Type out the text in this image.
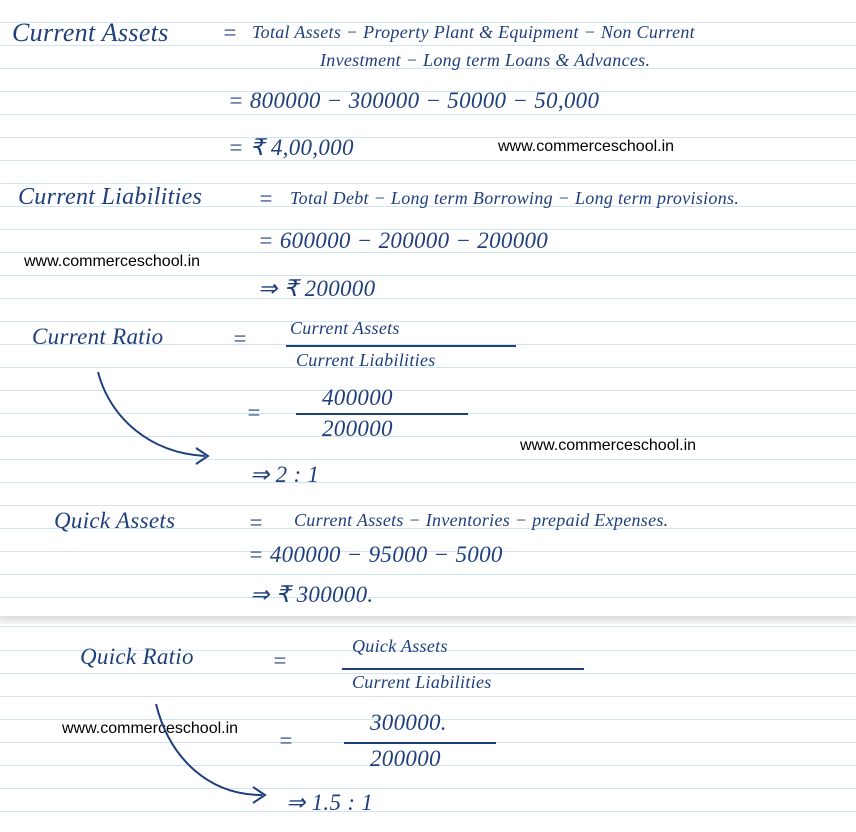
Current Assets = Total Assets − Property Plant & Equipment − Non Current
Investment − Long term Loans & Advances.
= 800000 − 300000 − 50000 − 50,000
= ₹ 4,00,000	www.commerceschool.in
Current Liabilities = Total Debt − Long term Borrowing − Long term provisions.
= 600000 − 200000 − 200000
www.commerceschool.in
⇒ ₹ 200000
Current Ratio	= Current Assets
Current Liabilities
=
400000
200000
www.commerceschool.in
⇒ 2 : 1
Quick Assets	= Current Assets − Inventories − prepaid Expenses.
= 400000 − 95000 − 5000
⇒ ₹ 300000.
Quick Ratio	=
Quick Assets
Current Liabilities
www.commerceschool.in =
300000.
200000
⇒ 1.5 : 1
